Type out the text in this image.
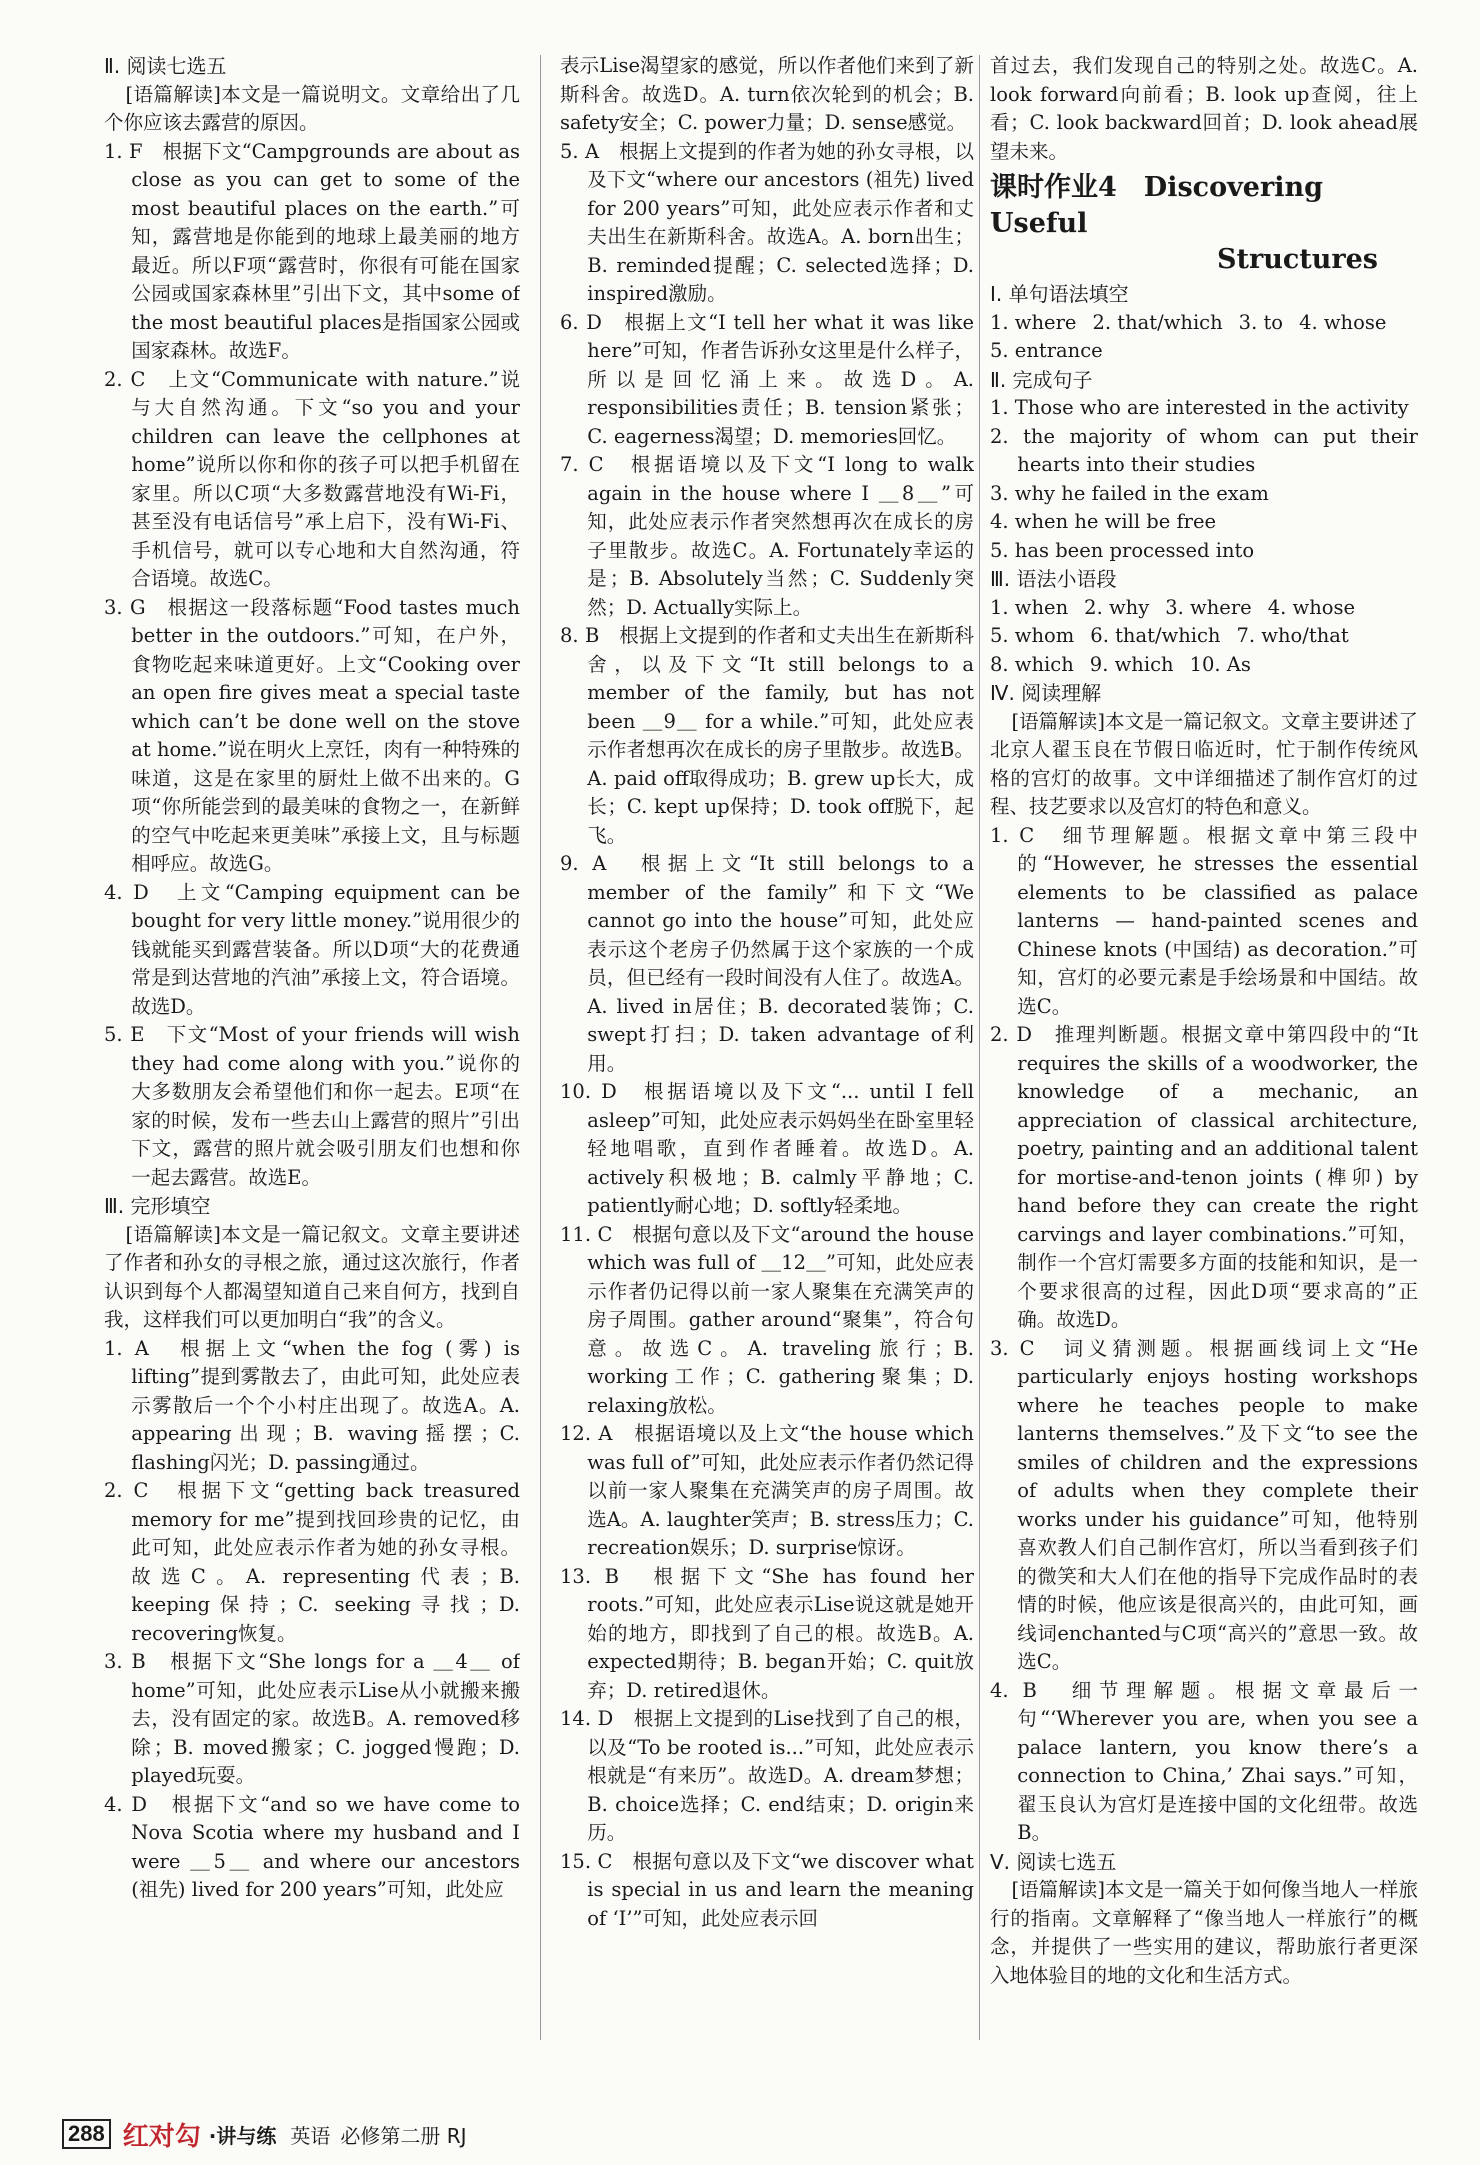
Ⅱ. 阅读七选五

[语篇解读]本文是一篇说明文。文章给出了几个你应该去露营的原因。

1. F　根据下文“Campgrounds are about as close as you can get to some of the most beautiful places on the earth.”可知，露营地是你能到的地球上最美丽的地方最近。所以F项“露营时，你很有可能在国家公园或国家森林里”引出下文，其中some of the most beautiful places是指国家公园或国家森林。故选F。

2. C　上文“Communicate with nature.”说与大自然沟通。下文“so you and your children can leave the cellphones at home”说所以你和你的孩子可以把手机留在家里。所以C项“大多数露营地没有Wi-Fi，甚至没有电话信号”承上启下，没有Wi-Fi、手机信号，就可以专心地和大自然沟通，符合语境。故选C。

3. G　根据这一段落标题“Food tastes much better in the outdoors.”可知，在户外，食物吃起来味道更好。上文“Cooking over an open fire gives meat a special taste which can’t be done well on the stove at home.”说在明火上烹饪，肉有一种特殊的味道，这是在家里的厨灶上做不出来的。G项“你所能尝到的最美味的食物之一，在新鲜的空气中吃起来更美味”承接上文，且与标题相呼应。故选G。

4. D　上文“Camping equipment can be bought for very little money.”说用很少的钱就能买到露营装备。所以D项“大的花费通常是到达营地的汽油”承接上文，符合语境。故选D。

5. E　下文“Most of your friends will wish they had come along with you.”说你的大多数朋友会希望他们和你一起去。E项“在家的时候，发布一些去山上露营的照片”引出下文，露营的照片就会吸引朋友们也想和你一起去露营。故选E。

Ⅲ. 完形填空

[语篇解读]本文是一篇记叙文。文章主要讲述了作者和孙女的寻根之旅，通过这次旅行，作者认识到每个人都渴望知道自己来自何方，找到自我，这样我们可以更加明白“我”的含义。

1. A　根据上文“when the fog (雾) is lifting”提到雾散去了，由此可知，此处应表示雾散后一个个小村庄出现了。故选A。A. appearing出现；B. waving摇摆；C. flashing闪光；D. passing通过。

2. C　根据下文“getting back treasured memory for me”提到找回珍贵的记忆，由此可知，此处应表示作者为她的孙女寻根。故选C。A. representing代表；B. keeping保持；C. seeking寻找；D. recovering恢复。

3. B　根据下文“She longs for a ＿4＿ of home”可知，此处应表示Lise从小就搬来搬去，没有固定的家。故选B。A. removed移除；B. moved搬家；C. jogged慢跑；D. played玩耍。

4. D　根据下文“and so we have come to Nova Scotia where my husband and I were ＿5＿ and where our ancestors (祖先) lived for 200 years”可知，此处应

表示Lise渴望家的感觉，所以作者他们来到了新斯科舍。故选D。A. turn依次轮到的机会；B. safety安全；C. power力量；D. sense感觉。

5. A　根据上文提到的作者为她的孙女寻根，以及下文“where our ancestors (祖先) lived for 200 years”可知，此处应表示作者和丈夫出生在新斯科舍。故选A。A. born出生；B. reminded提醒；C. selected选择；D. inspired激励。

6. D　根据上文“I tell her what it was like here”可知，作者告诉孙女这里是什么样子，所以是回忆涌上来。故选D。A. responsibilities责任；B. tension紧张；C. eagerness渴望；D. memories回忆。

7. C　根据语境以及下文“I long to walk again in the house where I ＿8＿”可知，此处应表示作者突然想再次在成长的房子里散步。故选C。A. Fortunately幸运的是；B. Absolutely当然；C. Suddenly突然；D. Actually实际上。

8. B　根据上文提到的作者和丈夫出生在新斯科舍，以及下文“It still belongs to a member of the family, but has not been ＿9＿ for a while.”可知，此处应表示作者想再次在成长的房子里散步。故选B。A. paid off取得成功；B. grew up长大，成长；C. kept up保持；D. took off脱下，起飞。

9. A　根据上文“It still belongs to a member of the family”和下文“We cannot go into the house”可知，此处应表示这个老房子仍然属于这个家族的一个成员，但已经有一段时间没有人住了。故选A。A. lived in居住；B. decorated装饰；C. swept打扫；D. taken advantage of利用。

10. D　根据语境以及下文“... until I fell asleep”可知，此处应表示妈妈坐在卧室里轻轻地唱歌，直到作者睡着。故选D。A. actively积极地；B. calmly平静地；C. patiently耐心地；D. softly轻柔地。

11. C　根据句意以及下文“around the house which was full of ＿12＿”可知，此处应表示作者仍记得以前一家人聚集在充满笑声的房子周围。gather around“聚集”，符合句意。故选C。A. traveling旅行；B. working工作；C. gathering聚集；D. relaxing放松。

12. A　根据语境以及上文“the house which was full of”可知，此处应表示作者仍然记得以前一家人聚集在充满笑声的房子周围。故选A。A. laughter笑声；B. stress压力；C. recreation娱乐；D. surprise惊讶。

13. B　根据下文“She has found her roots.”可知，此处应表示Lise说这就是她开始的地方，即找到了自己的根。故选B。A. expected期待；B. began开始；C. quit放弃；D. retired退休。

14. D　根据上文提到的Lise找到了自己的根，以及“To be rooted is...”可知，此处应表示根就是“有来历”。故选D。A. dream梦想；B. choice选择；C. end结束；D. origin来历。

15. C　根据句意以及下文“we discover what is special in us and learn the meaning of ‘I’”可知，此处应表示回

首过去，我们发现自己的特别之处。故选C。A. look forward向前看；B. look up查阅，往上看；C. look backward回首；D. look ahead展望未来。

课时作业4　Discovering Useful
Structures

Ⅰ. 单句语法填空

1. where 2. that/which 3. to 4. whose

5. entrance

Ⅱ. 完成句子

1. Those who are interested in the activity

2. the majority of whom can put their hearts into their studies

3. why he failed in the exam

4. when he will be free

5. has been processed into

Ⅲ. 语法小语段

1. when 2. why 3. where 4. whose

5. whom 6. that/which 7. who/that

8. which 9. which 10. As

Ⅳ. 阅读理解

[语篇解读]本文是一篇记叙文。文章主要讲述了北京人翟玉良在节假日临近时，忙于制作传统风格的宫灯的故事。文中详细描述了制作宫灯的过程、技艺要求以及宫灯的特色和意义。

1. C　细节理解题。根据文章中第三段中的“However, he stresses the essential elements to be classified as palace lanterns — hand-painted scenes and Chinese knots (中国结) as decoration.”可知，宫灯的必要元素是手绘场景和中国结。故选C。

2. D　推理判断题。根据文章中第四段中的“It requires the skills of a woodworker, the knowledge of a mechanic, an appreciation of classical architecture, poetry, painting and an additional talent for mortise-and-tenon joints (榫卯) by hand before they can create the right carvings and layer combinations.”可知，制作一个宫灯需要多方面的技能和知识，是一个要求很高的过程，因此D项“要求高的”正确。故选D。

3. C　词义猜测题。根据画线词上文“He particularly enjoys hosting workshops where he teaches people to make lanterns themselves.”及下文“to see the smiles of children and the expressions of adults when they complete their works under his guidance”可知，他特别喜欢教人们自己制作宫灯，所以当看到孩子们的微笑和大人们在他的指导下完成作品时的表情的时候，他应该是很高兴的，由此可知，画线词enchanted与C项“高兴的”意思一致。故选C。

4. B　细节理解题。根据文章最后一句“‘Wherever you are, when you see a palace lantern, you know there’s a connection to China,’ Zhai says.”可知，翟玉良认为宫灯是连接中国的文化纽带。故选B。

Ⅴ. 阅读七选五

[语篇解读]本文是一篇关于如何像当地人一样旅行的指南。文章解释了“像当地人一样旅行”的概念，并提供了一些实用的建议，帮助旅行者更深入地体验目的地的文化和生活方式。

288 红对勾 ·讲与练 英语 必修第二册 RJ
